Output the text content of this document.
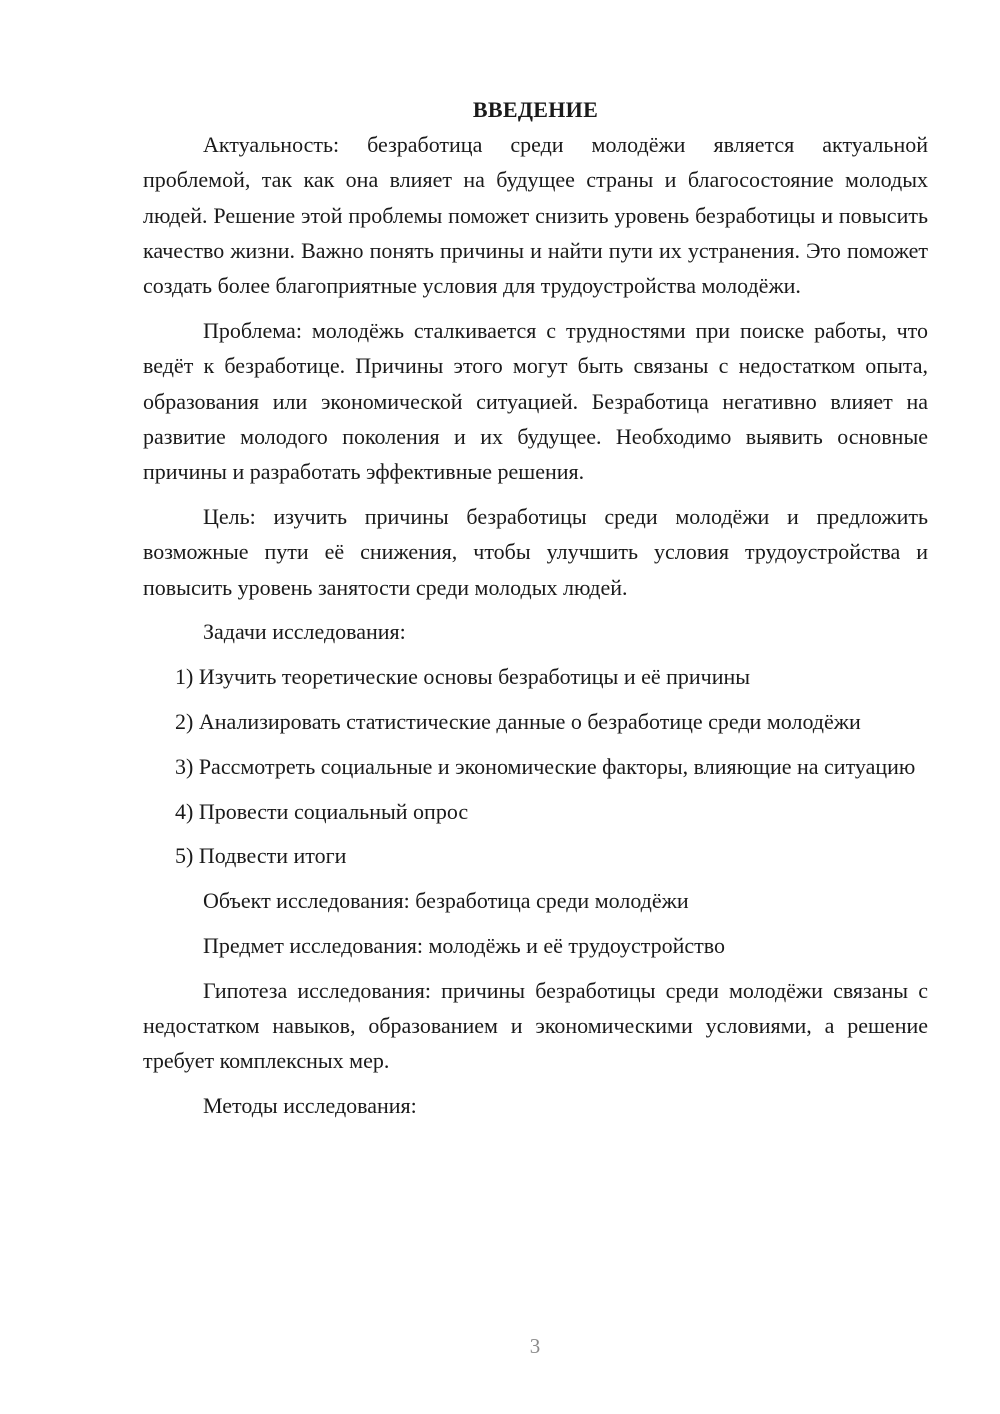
ВВЕДЕНИЕ

Актуальность: безработица среди молодёжи является актуальной проблемой, так как она влияет на будущее страны и благосостояние молодых людей. Решение этой проблемы поможет снизить уровень безработицы и повысить качество жизни. Важно понять причины и найти пути их устранения. Это поможет создать более благоприятные условия для трудоустройства молодёжи.

Проблема: молодёжь сталкивается с трудностями при поиске работы, что ведёт к безработице. Причины этого могут быть связаны с недостатком опыта, образования или экономической ситуацией. Безработица негативно влияет на развитие молодого поколения и их будущее. Необходимо выявить основные причины и разработать эффективные решения.

Цель: изучить причины безработицы среди молодёжи и предложить возможные пути её снижения, чтобы улучшить условия трудоустройства и повысить уровень занятости среди молодых людей.

Задачи исследования:

1) Изучить теоретические основы безработицы и её причины

2) Анализировать статистические данные о безработице среди молодёжи

3) Рассмотреть социальные и экономические факторы, влияющие на ситуацию

4) Провести социальный опрос

5) Подвести итоги

Объект исследования: безработица среди молодёжи

Предмет исследования: молодёжь и её трудоустройство

Гипотеза исследования: причины безработицы среди молодёжи связаны с недостатком навыков, образованием и экономическими условиями, а решение требует комплексных мер.

Методы исследования:

3
